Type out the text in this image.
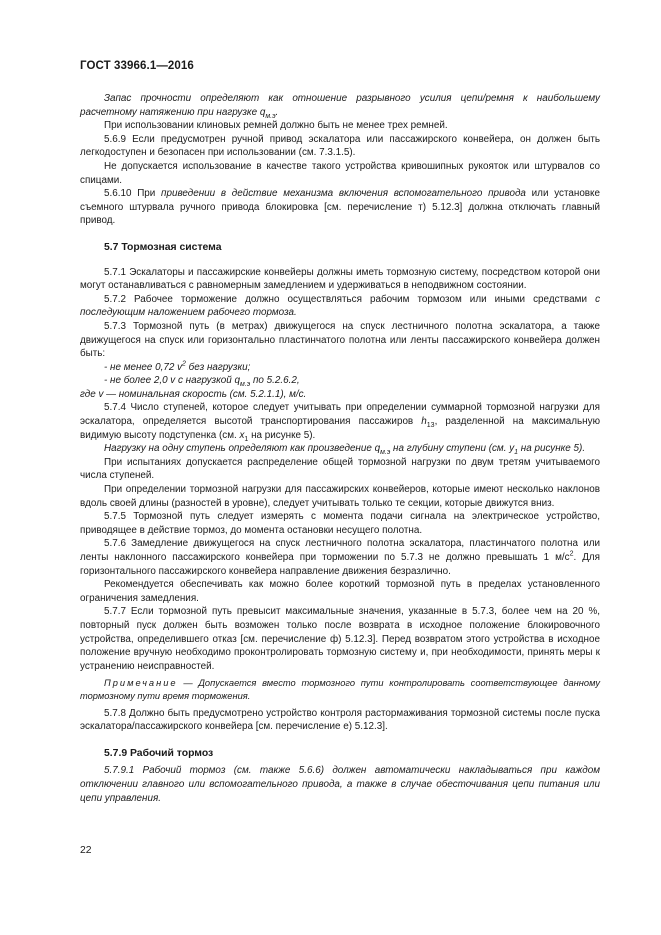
ГОСТ 33966.1—2016

Запас прочности определяют как отношение разрывного усилия цепи/ремня к наибольшему расчетному натяжению при нагрузке $q_{м.э}$.

При использовании клиновых ремней должно быть не менее трех ремней.

5.6.9 Если предусмотрен ручной привод эскалатора или пассажирского конвейера, он должен быть легкодоступен и безопасен при использовании (см. 7.3.1.5).

Не допускается использование в качестве такого устройства кривошипных рукояток или штурвалов со спицами.

5.6.10 При приведении в действие механизма включения вспомогательного привода или установке съемного штурвала ручного привода блокировка [см. перечисление т) 5.12.3] должна отключать главный привод.

5.7 Тормозная система

5.7.1 Эскалаторы и пассажирские конвейеры должны иметь тормозную систему, посредством которой они могут останавливаться с равномерным замедлением и удерживаться в неподвижном состоянии.

5.7.2 Рабочее торможение должно осуществляться рабочим тормозом или иными средствами с последующим наложением рабочего тормоза.

5.7.3 Тормозной путь (в метрах) движущегося на спуск лестничного полотна эскалатора, а также движущегося на спуск или горизонтально пластинчатого полотна или ленты пассажирского конвейера должен быть:

- не менее 0,72 $v^2$ без нагрузки;

- не более 2,0 v с нагрузкой $q_{м.э}$ по 5.2.6.2,

где v — номинальная скорость (см. 5.2.1.1), м/с.

5.7.4 Число ступеней, которое следует учитывать при определении суммарной тормозной нагрузки для эскалатора, определяется высотой транспортирования пассажиров $h_{13}$, разделенной на максимальную видимую высоту подступенка (см. $x_1$ на рисунке 5).

Нагрузку на одну ступень определяют как произведение $q_{м.э}$ на глубину ступени (см. $y_1$ на рисунке 5).

При испытаниях допускается распределение общей тормозной нагрузки по двум третям учитываемого числа ступеней.

При определении тормозной нагрузки для пассажирских конвейеров, которые имеют несколько наклонов вдоль своей длины (разностей в уровне), следует учитывать только те секции, которые движутся вниз.

5.7.5 Тормозной путь следует измерять с момента подачи сигнала на электрическое устройство, приводящее в действие тормоз, до момента остановки несущего полотна.

5.7.6 Замедление движущегося на спуск лестничного полотна эскалатора, пластинчатого полотна или ленты наклонного пассажирского конвейера при торможении по 5.7.3 не должно превышать 1 $м/с^2$. Для горизонтального пассажирского конвейера направление движения безразлично.

Рекомендуется обеспечивать как можно более короткий тормозной путь в пределах установленного ограничения замедления.

5.7.7 Если тормозной путь превысит максимальные значения, указанные в 5.7.3, более чем на 20 %, повторный пуск должен быть возможен только после возврата в исходное положение блокировочного устройства, определившего отказ [см. перечисление ф) 5.12.3]. Перед возвратом этого устройства в исходное положение вручную необходимо проконтролировать тормозную систему и, при необходимости, принять меры к устранению неисправностей.

Примечание — Допускается вместо тормозного пути контролировать соответствующее данному тормозному пути время торможения.

5.7.8 Должно быть предусмотрено устройство контроля растормаживания тормозной системы после пуска эскалатора/пассажирского конвейера [см. перечисление е) 5.12.3].

5.7.9 Рабочий тормоз

5.7.9.1 Рабочий тормоз (см. также 5.6.6) должен автоматически накладываться при каждом отключении главного или вспомогательного привода, а также в случае обесточивания цепи питания или цепи управления.

22
